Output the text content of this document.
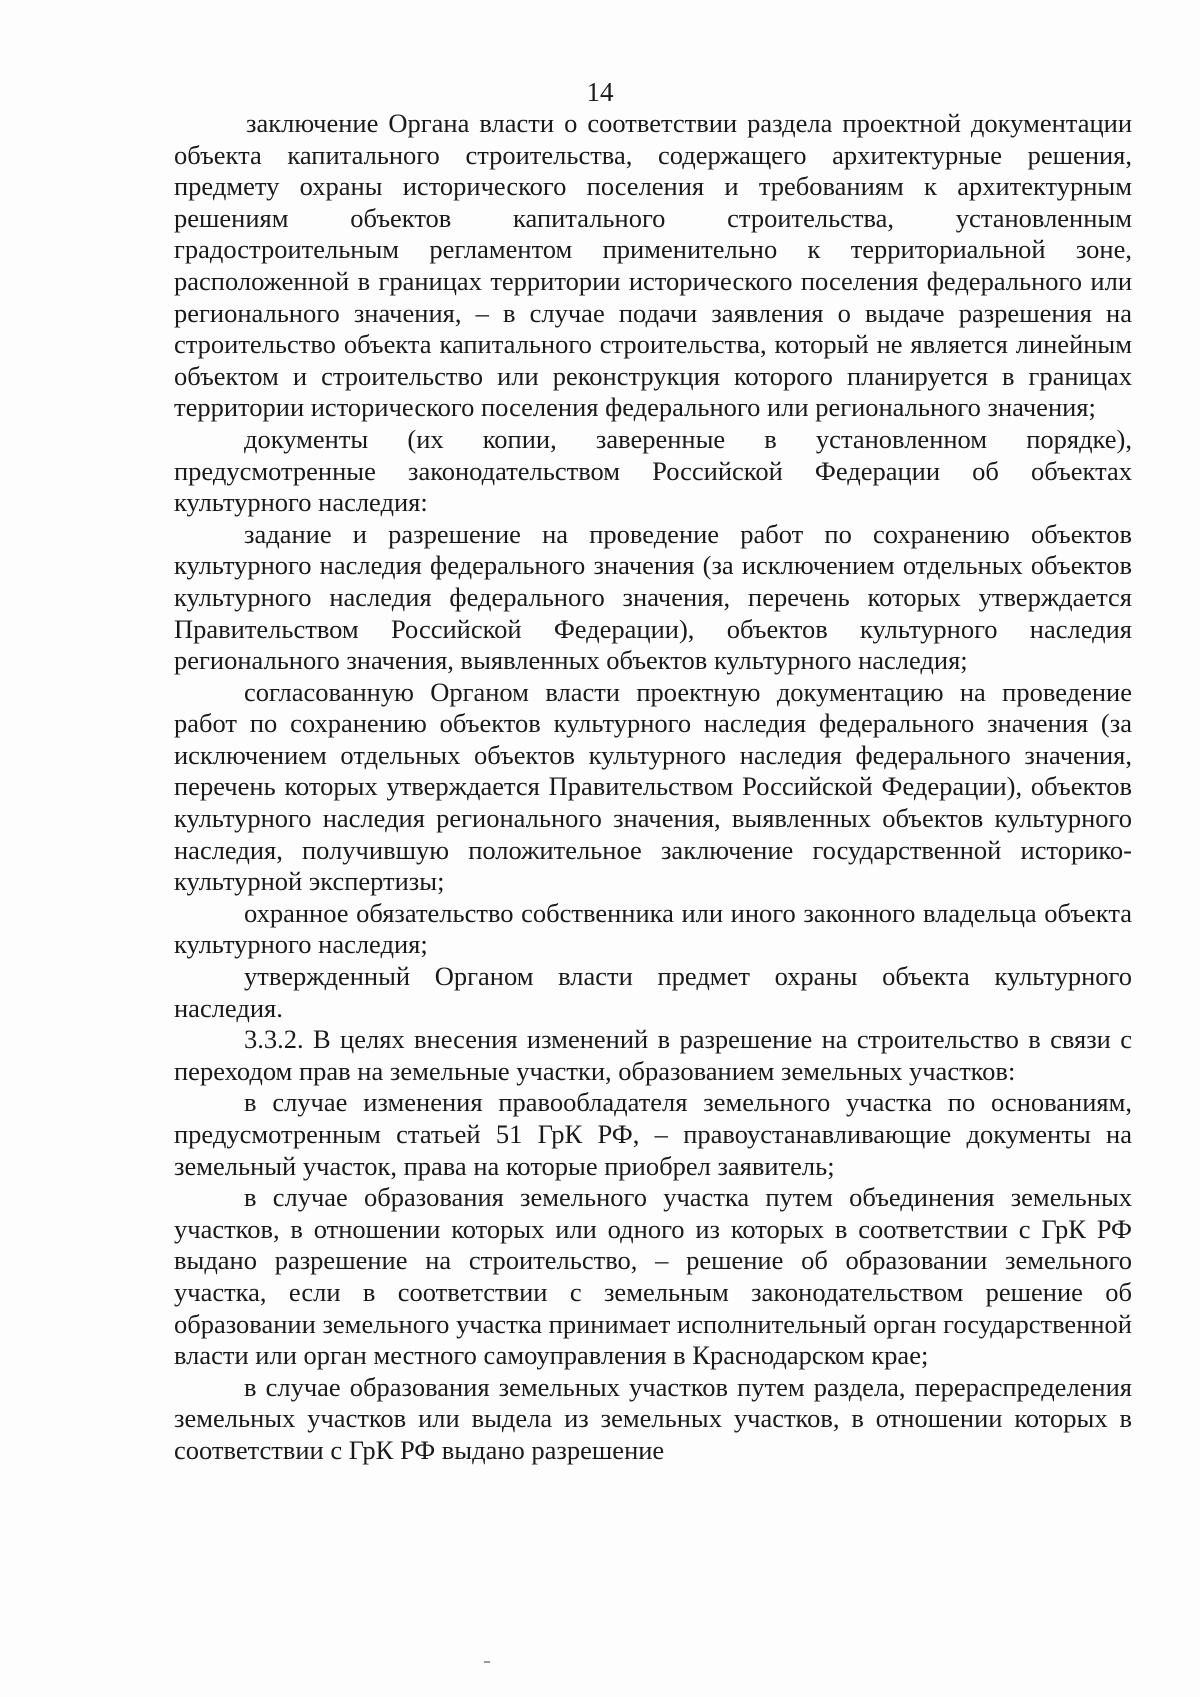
14

заключение Органа власти о соответствии раздела проектной документации объекта капитального строительства, содержащего архитектурные решения, предмету охраны исторического поселения и требованиям к архитектурным решениям объектов капитального строительства, установленным градостроительным регламентом применительно к территориальной зоне, расположенной в границах территории исторического поселения федерального или регионального значения, – в случае подачи заявления о выдаче разрешения на строительство объекта капитального строительства, который не является линейным объектом и строительство или реконструкция которого планируется в границах территории исторического поселения федерального или регионального значения;

документы (их копии, заверенные в установленном порядке), предусмотренные законодательством Российской Федерации об объектах культурного наследия:

задание и разрешение на проведение работ по сохранению объектов культурного наследия федерального значения (за исключением отдельных объектов культурного наследия федерального значения, перечень которых утверждается Правительством Российской Федерации), объектов культурного наследия регионального значения, выявленных объектов культурного наследия;

согласованную Органом власти проектную документацию на проведение работ по сохранению объектов культурного наследия федерального значения (за исключением отдельных объектов культурного наследия федерального значения, перечень которых утверждается Правительством Российской Федерации), объектов культурного наследия регионального значения, выявленных объектов культурного наследия, получившую положительное заключение государственной историко-культурной экспертизы;

охранное обязательство собственника или иного законного владельца объекта культурного наследия;

утвержденный Органом власти предмет охраны объекта культурного наследия.

3.3.2. В целях внесения изменений в разрешение на строительство в связи с переходом прав на земельные участки, образованием земельных участков:

в случае изменения правообладателя земельного участка по основаниям, предусмотренным статьей 51 ГрК РФ, – правоустанавливающие документы на земельный участок, права на которые приобрел заявитель;

в случае образования земельного участка путем объединения земельных участков, в отношении которых или одного из которых в соответствии с ГрК РФ выдано разрешение на строительство, – решение об образовании земельного участка, если в соответствии с земельным законодательством решение об образовании земельного участка принимает исполнительный орган государственной власти или орган местного самоуправления в Краснодарском крае;

в случае образования земельных участков путем раздела, перераспределения земельных участков или выдела из земельных участков, в отношении которых в соответствии с ГрК РФ выдано разрешение
